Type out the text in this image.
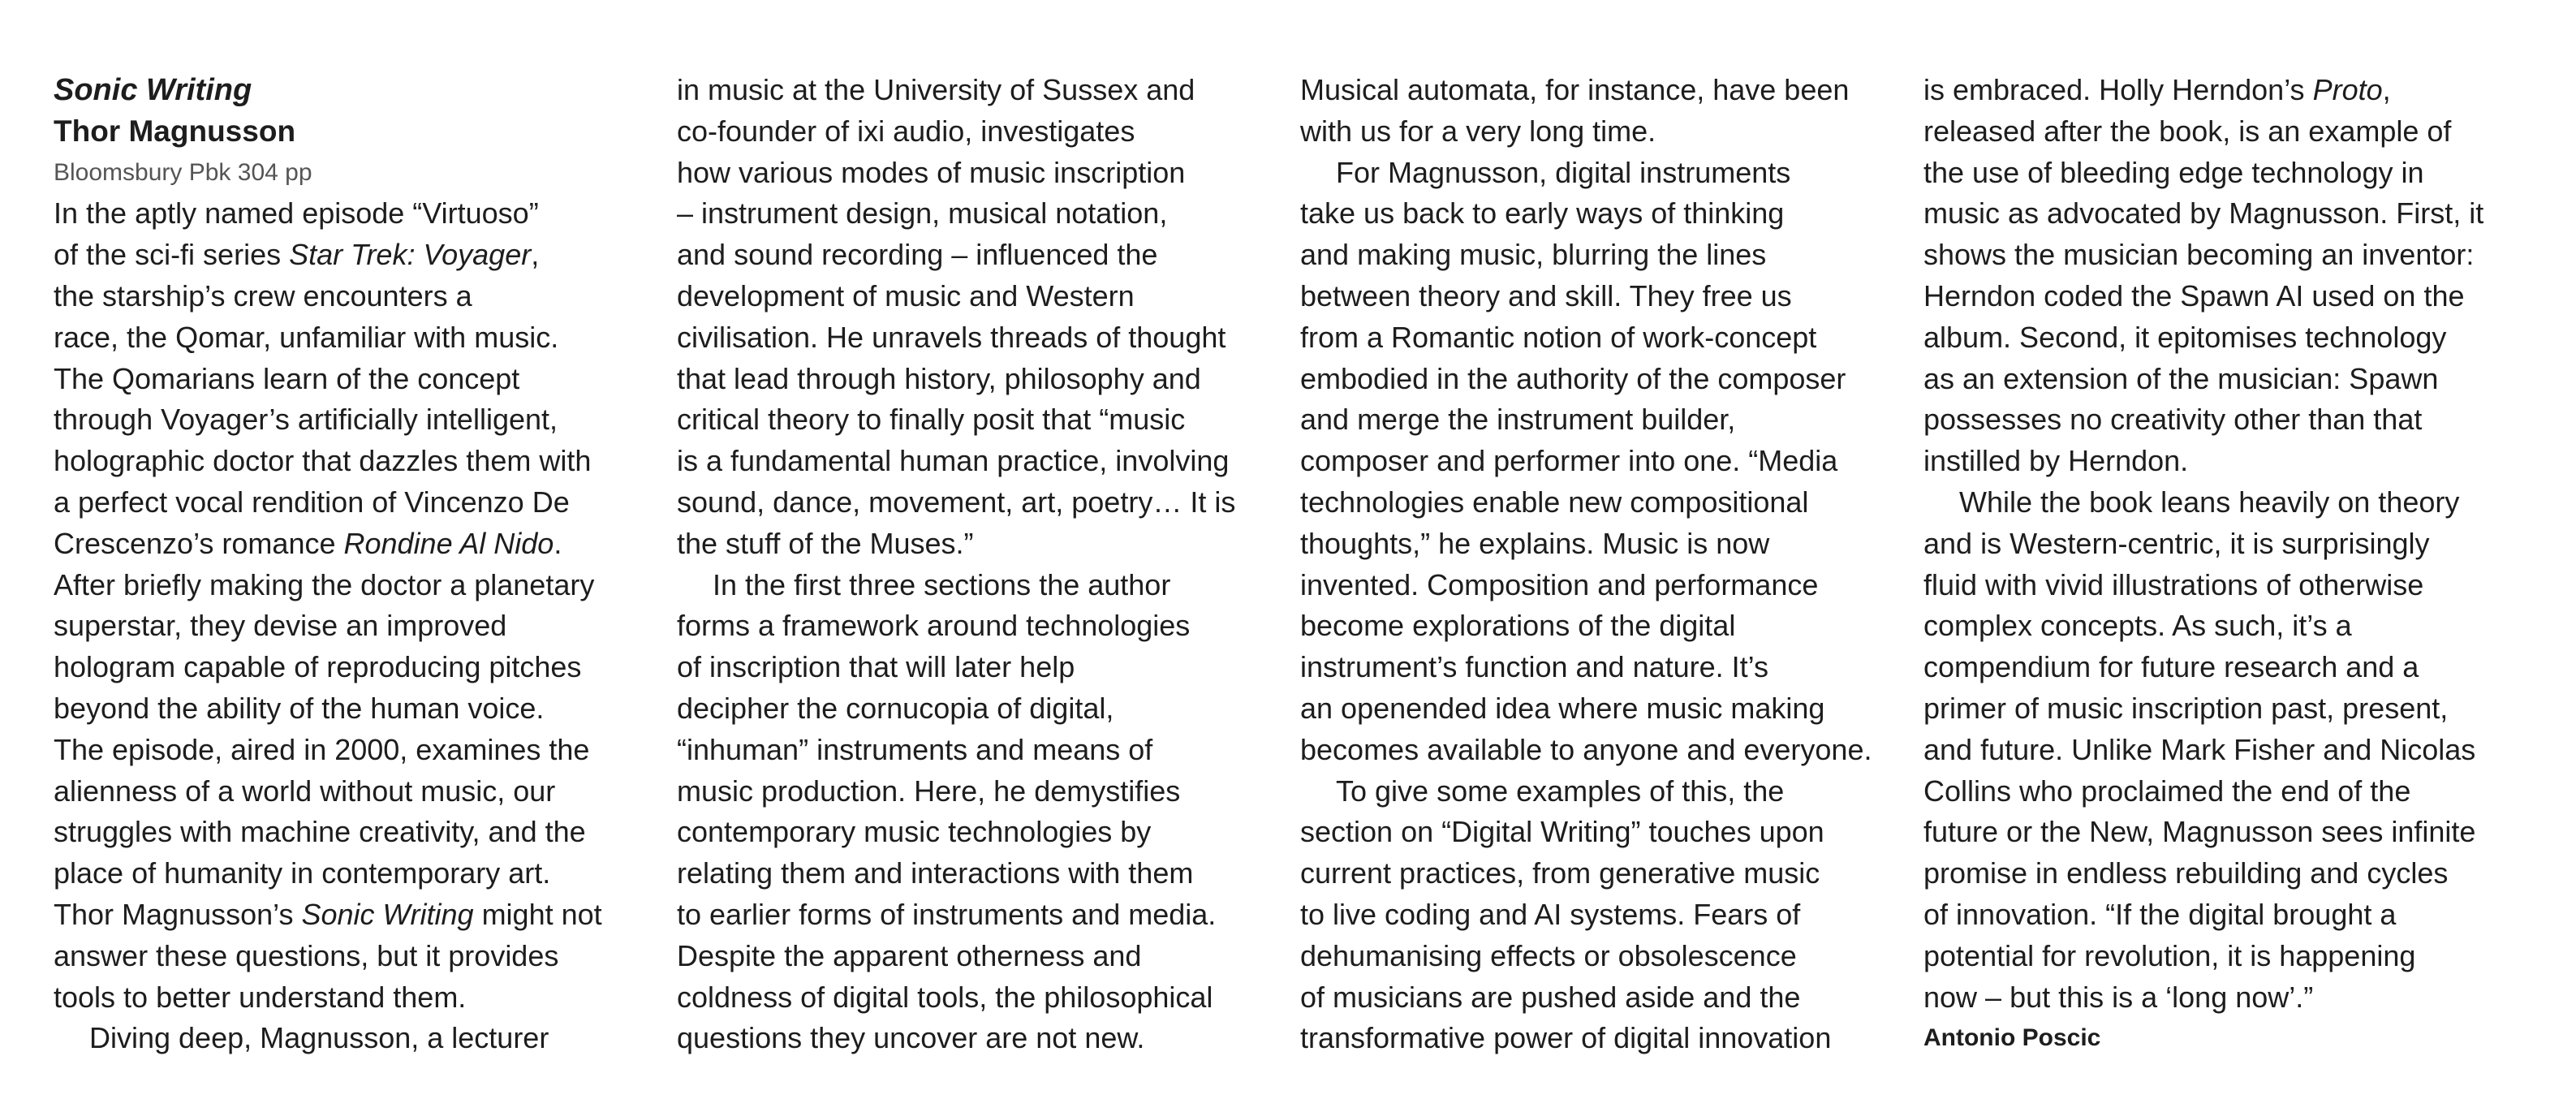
Sonic Writing
Thor Magnusson
Bloomsbury Pbk 304 pp
In the aptly named episode “Virtuoso”
of the sci-fi series Star Trek: Voyager,
the starship’s crew encounters a
race, the Qomar, unfamiliar with music.
The Qomarians learn of the concept
through Voyager’s artificially intelligent,
holographic doctor that dazzles them with
a perfect vocal rendition of Vincenzo De
Crescenzo’s romance Rondine Al Nido.
After briefly making the doctor a planetary
superstar, they devise an improved
hologram capable of reproducing pitches
beyond the ability of the human voice.
The episode, aired in 2000, examines the
alienness of a world without music, our
struggles with machine creativity, and the
place of humanity in contemporary art.
Thor Magnusson’s Sonic Writing might not
answer these questions, but it provides
tools to better understand them.
Diving deep, Magnusson, a lecturer
in music at the University of Sussex and
co-founder of ixi audio, investigates
how various modes of music inscription
– instrument design, musical notation,
and sound recording – influenced the
development of music and Western
civilisation. He unravels threads of thought
that lead through history, philosophy and
critical theory to finally posit that “music
is a fundamental human practice, involving
sound, dance, movement, art, poetry… It is
the stuff of the Muses.”
In the first three sections the author
forms a framework around technologies
of inscription that will later help
decipher the cornucopia of digital,
“inhuman” instruments and means of
music production. Here, he demystifies
contemporary music technologies by
relating them and interactions with them
to earlier forms of instruments and media.
Despite the apparent otherness and
coldness of digital tools, the philosophical
questions they uncover are not new.
Musical automata, for instance, have been
with us for a very long time.
For Magnusson, digital instruments
take us back to early ways of thinking
and making music, blurring the lines
between theory and skill. They free us
from a Romantic notion of work-concept
embodied in the authority of the composer
and merge the instrument builder,
composer and performer into one. “Media
technologies enable new compositional
thoughts,” he explains. Music is now
invented. Composition and performance
become explorations of the digital
instrument’s function and nature. It’s
an openended idea where music making
becomes available to anyone and everyone.
To give some examples of this, the
section on “Digital Writing” touches upon
current practices, from generative music
to live coding and AI systems. Fears of
dehumanising effects or obsolescence
of musicians are pushed aside and the
transformative power of digital innovation
is embraced. Holly Herndon’s Proto,
released after the book, is an example of
the use of bleeding edge technology in
music as advocated by Magnusson. First, it
shows the musician becoming an inventor:
Herndon coded the Spawn AI used on the
album. Second, it epitomises technology
as an extension of the musician: Spawn
possesses no creativity other than that
instilled by Herndon.
While the book leans heavily on theory
and is Western-centric, it is surprisingly
fluid with vivid illustrations of otherwise
complex concepts. As such, it’s a
compendium for future research and a
primer of music inscription past, present,
and future. Unlike Mark Fisher and Nicolas
Collins who proclaimed the end of the
future or the New, Magnusson sees infinite
promise in endless rebuilding and cycles
of innovation. “If the digital brought a
potential for revolution, it is happening
now – but this is a ‘long now’.”
Antonio Poscic
